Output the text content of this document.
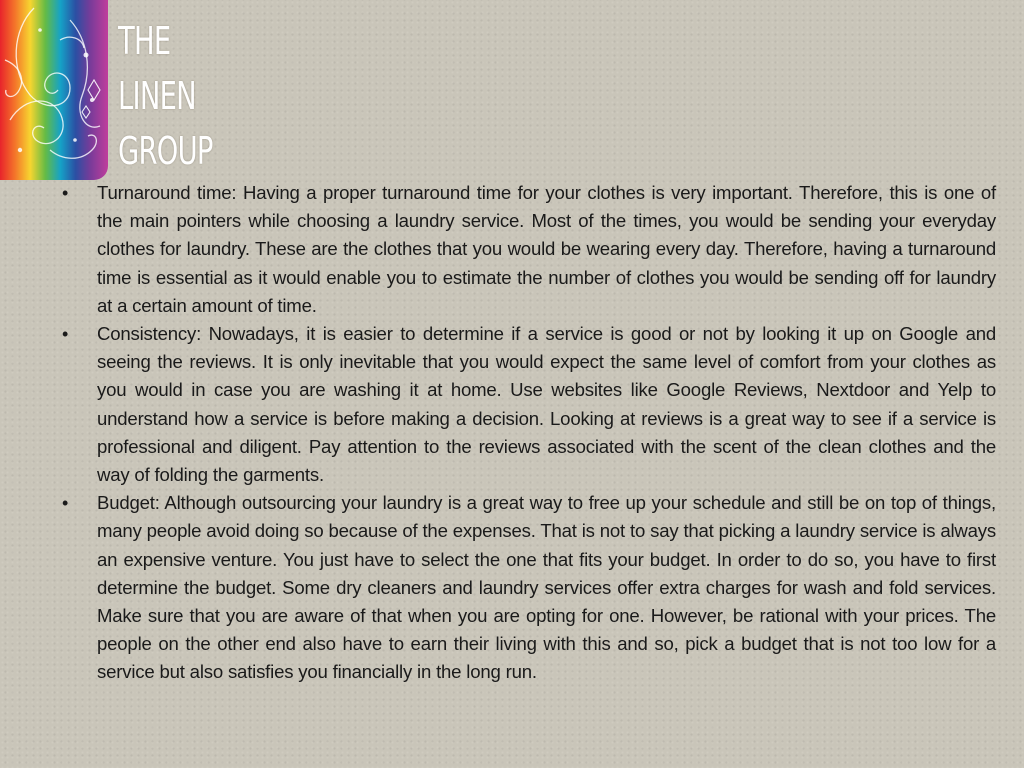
THE
LINEN
GROUP
• Turnaround time: Having a proper turnaround time for your clothes is very important. Therefore, this is one of the main pointers while choosing a laundry service. Most of the times, you would be sending your everyday clothes for laundry. These are the clothes that you would be wearing every day. Therefore, having a turnaround time is essential as it would enable you to estimate the number of clothes you would be sending off for laundry at a certain amount of time.
• Consistency: Nowadays, it is easier to determine if a service is good or not by looking it up on Google and seeing the reviews. It is only inevitable that you would expect the same level of comfort from your clothes as you would in case you are washing it at home. Use websites like Google Reviews, Nextdoor and Yelp to understand how a service is before making a decision. Looking at reviews is a great way to see if a service is professional and diligent. Pay attention to the reviews associated with the scent of the clean clothes and the way of folding the garments.
• Budget: Although outsourcing your laundry is a great way to free up your schedule and still be on top of things, many people avoid doing so because of the expenses. That is not to say that picking a laundry service is always an expensive venture. You just have to select the one that fits your budget. In order to do so, you have to first determine the budget. Some dry cleaners and laundry services offer extra charges for wash and fold services. Make sure that you are aware of that when you are opting for one. However, be rational with your prices. The people on the other end also have to earn their living with this and so, pick a budget that is not too low for a service but also satisfies you financially in the long run.
